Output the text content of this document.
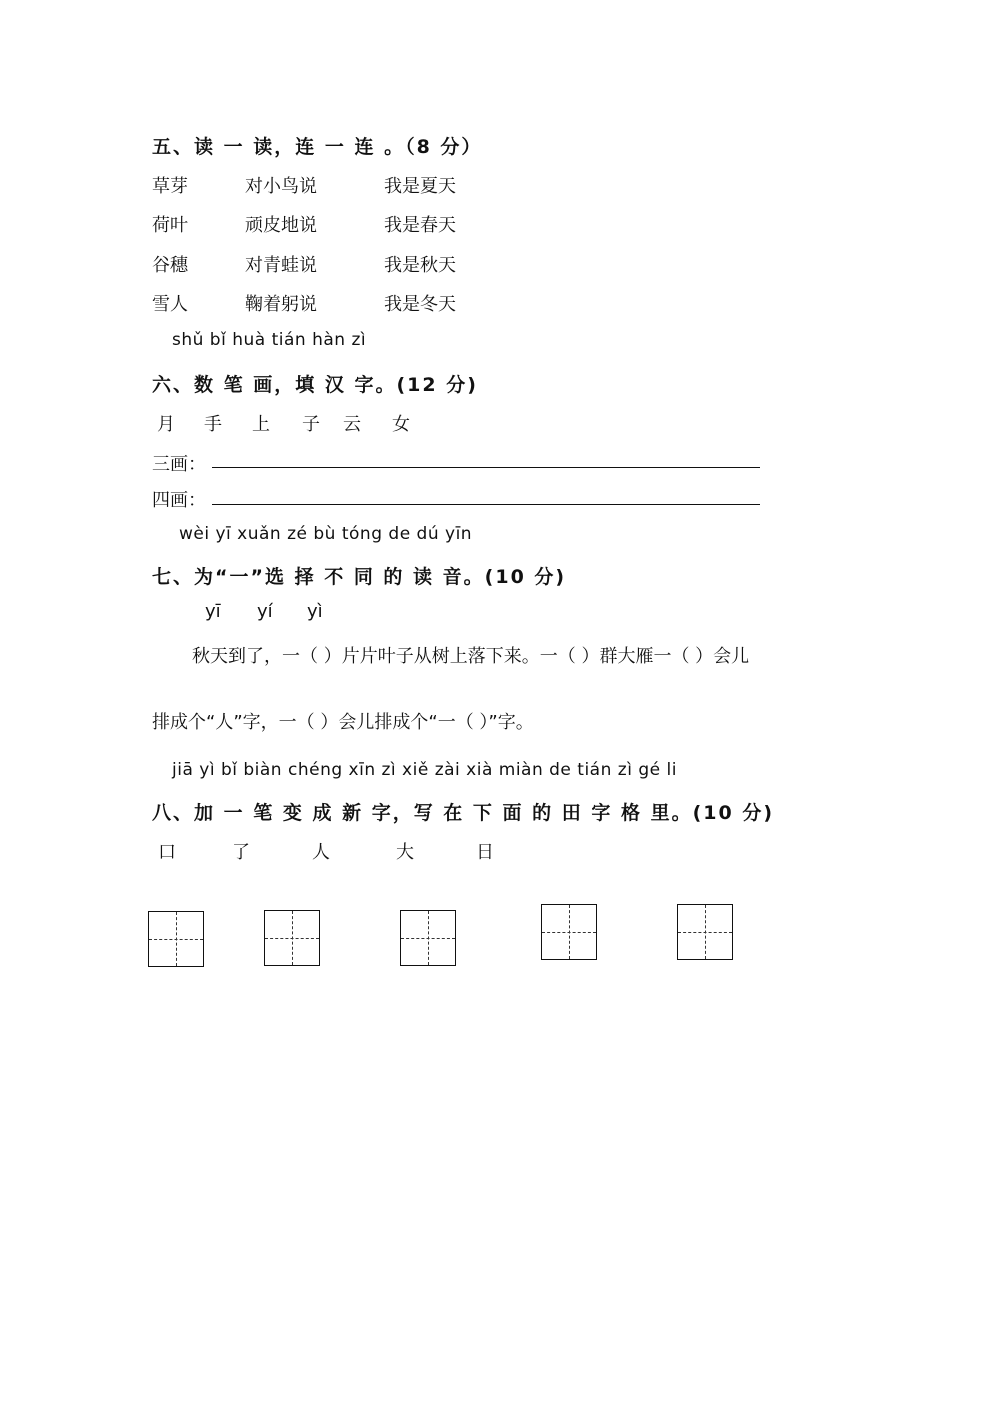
五、读 一 读，连 一 连 。（8 分）
草芽	对小鸟说	我是夏天
荷叶	顽皮地说	我是春天
谷穗	对青蛙说	我是秋天
雪人	鞠着躬说	我是冬天
shǔ bǐ huà tián hàn zì
六、数 笔 画，填 汉 字。(12 分)
月 手 上 子 云 女
三画：
四画：
wèi yī xuǎn zé bù tóng de dú yīn
七、为“一”选 择 不 同 的 读 音。(10 分)
yī yí yì
秋天到了，一（ ）片片叶子从树上落下来。一（ ）群大雁一（ ）会儿
排成个“人”字，一（ ）会儿排成个“一（ ）”字。
jiā yì bǐ biàn chéng xīn zì xiě zài xià miàn de tián zì gé li
八、加 一 笔 变 成 新 字，写 在 下 面 的 田 字 格 里。(10 分)
口	了	人	大	日
